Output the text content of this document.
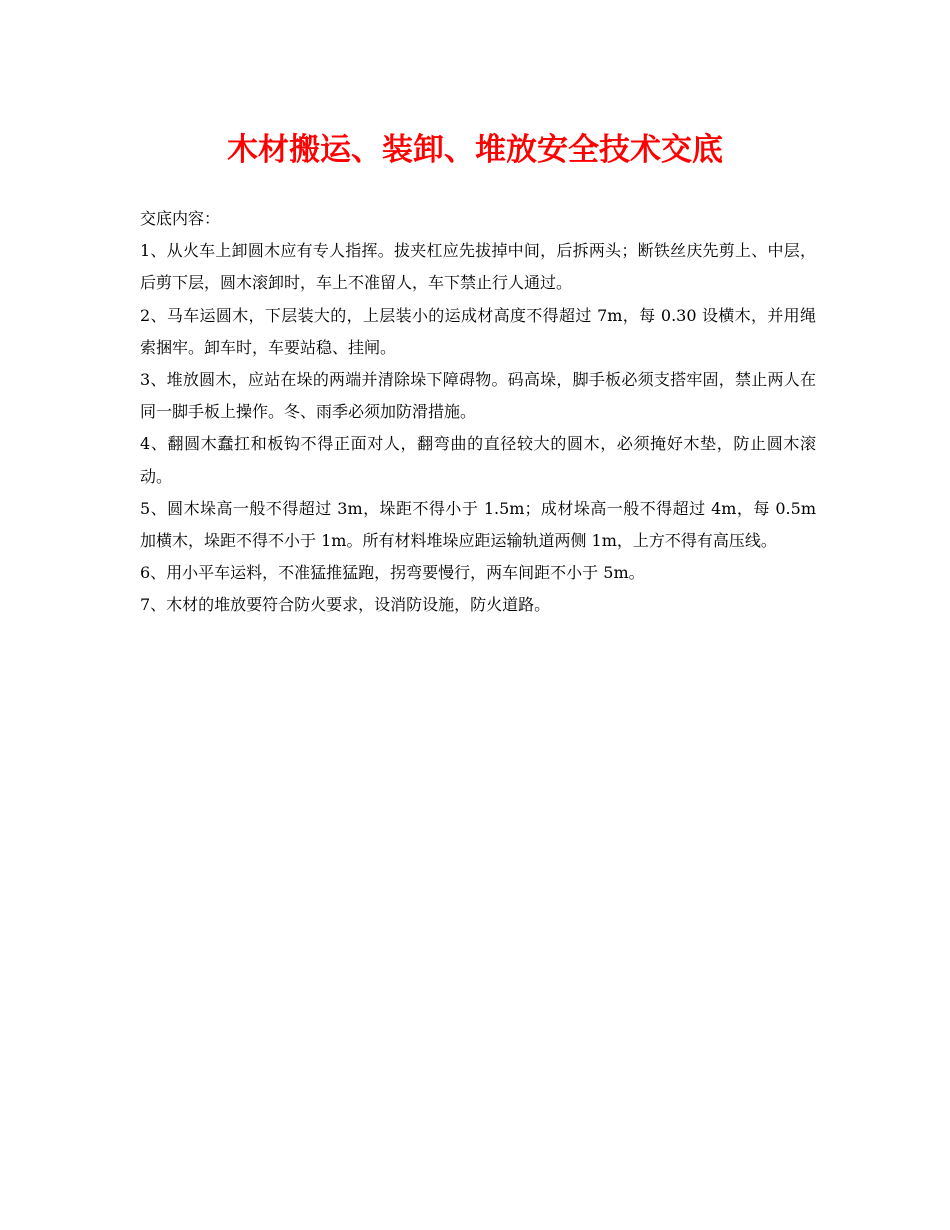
木材搬运、装卸、堆放安全技术交底

交底内容：

1、从火车上卸圆木应有专人指挥。拔夹杠应先拔掉中间，后拆两头；断铁丝庆先剪上、中层，后剪下层，圆木滚卸时，车上不准留人，车下禁止行人通过。

2、马车运圆木，下层装大的，上层装小的运成材高度不得超过 7m，每 0.30 设横木，并用绳索捆牢。卸车时，车要站稳、挂闸。

3、堆放圆木，应站在垛的两端并清除垛下障碍物。码高垛，脚手板必须支搭牢固，禁止两人在同一脚手板上操作。冬、雨季必须加防滑措施。

4、翻圆木蠢扛和板钩不得正面对人，翻弯曲的直径较大的圆木，必须掩好木垫，防止圆木滚动。

5、圆木垛高一般不得超过 3m，垛距不得小于 1.5m；成材垛高一般不得超过 4m，每 0.5m 加横木，垛距不得不小于 1m。所有材料堆垛应距运输轨道两侧 1m，上方不得有高压线。

6、用小平车运料，不准猛推猛跑，拐弯要慢行，两车间距不小于 5m。

7、木材的堆放要符合防火要求，设消防设施，防火道路。
